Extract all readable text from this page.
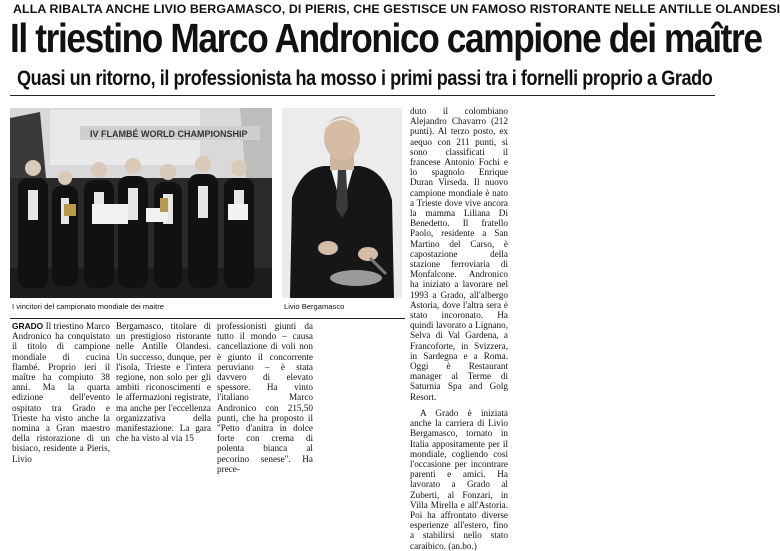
ALLA RIBALTA ANCHE LIVIO BERGAMASCO, DI PIERIS, CHE GESTISCE UN FAMOSO RISTORANTE NELLE ANTILLE OLANDESI
Il triestino Marco Andronico campione dei maître
Quasi un ritorno, il professionista ha mosso i primi passi tra i fornelli proprio a Grado
IV FLAMBÉ WORLD CHAMPIONSHIP
I vincitori del campionato mondiale dei maitre	Livio Bergamasco

GRADO Il triestino Marco Andronico ha conquistato il titolo di campione mondiale di cucina flambé. Proprio ieri il maître ha compiuto 38 anni. Ma la quarta edizione dell'evento ospitato tra Grado e Trieste ha visto anche la nomina a Gran maestro della ristorazione di un bisiaco, residente a Pieris, Livio

Bergamasco, titolare di un prestigioso ristorante nelle Antille Olandesi. Un successo, dunque, per l'isola, Trieste e l'intera regione, non solo per gli ambiti riconoscimenti e le affermazioni registrate, ma anche per l'eccellenza organizzativa della manifestazione. La gara che ha visto al via 15

professionisti giunti da tutto il mondo – causa cancellazione di voli non è giunto il concorrente peruviano – è stata davvero di elevato spessore. Ha vinto l'italiano Marco Andronico con 215,50 punti, che ha proposto il "Petto d'anitra in dolce forte con crema di polenta bianca al pecorino senese". Ha prece-

duto il colombiano Alejandro Chavarro (212 punti). Al terzo posto, ex aequo con 211 punti, si sono classificati il francese Antonio Fochi e lo spagnolo Enrique Duran Virseda. Il nuovo campione mondiale è nato a Trieste dove vive ancora la mamma Liliana Di Benedetto. Il fratello Paolo, residente a San Martino del Carso, è capostazione della stazione ferroviaria di Monfalcone. Andronico ha iniziato a lavorare nel 1993 a Grado, all'albergo Astoria, dove l'altra sera è stato incoronato. Ha quindi lavorato a Lignano, Selva di Val Gardena, a Francoforte, in Svizzera, in Sardegna e a Roma. Oggi è Restaurant manager al Terme di Saturnia Spa and Golg Resort.

A Grado è iniziata anche la carriera di Livio Bergamasco, tornato in Italia appositamente per il mondiale, cogliendo così l'occasione per incontrare parenti e amici. Ha lavorato a Grado al Zuberti, al Fonzari, in Villa Mirella e all'Astoria. Poi ha affrontato diverse esperienze all'estero, fino a stabilirsi nello stato caraibico. (an.bo.)
